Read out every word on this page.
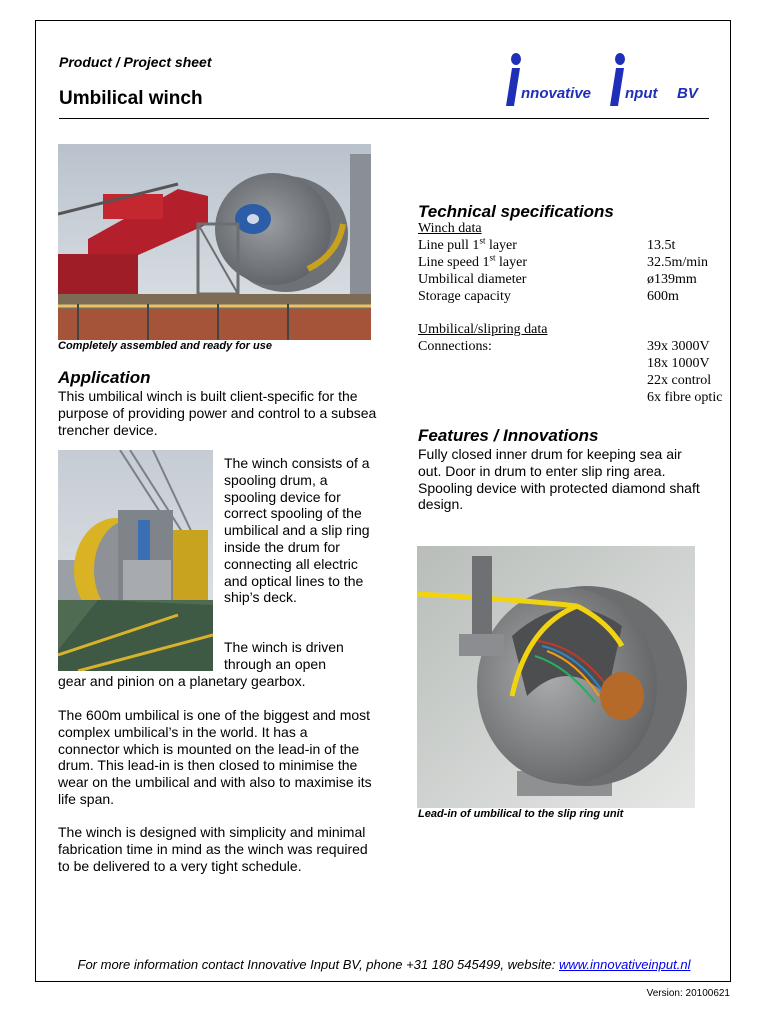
Product / Project sheet
Umbilical winch	nnovative nput BV
Completely assembled and ready for use
Application
This umbilical winch is built client-specific for the purpose of providing power and control to a subsea trencher device.
The winch consists of a spooling drum, a spooling device for correct spooling of the umbilical and a slip ring inside the drum for connecting all electric and optical lines to the ship’s deck.
The winch is driven
through an open
gear and pinion on a planetary gearbox.
The 600m umbilical is one of the biggest and most complex umbilical’s in the world. It has a connector which is mounted on the lead-in of the drum. This lead-in is then closed to minimise the wear on the umbilical and with also to maximise its life span.
The winch is designed with simplicity and minimal fabrication time in mind as the winch was required to be delivered to a very tight schedule.
Technical specifications
Winch data
Line pull 1st layer	13.5t
Line speed 1st layer	32.5m/min
Umbilical diameter	ø139mm
Storage capacity	600m
Umbilical/slipring data
Connections:	39x 3000V
18x 1000V
22x control
6x fibre optic
Features / Innovations
Fully closed inner drum for keeping sea air out. Door in drum to enter slip ring area. Spooling device with protected diamond shaft design.
Lead-in of umbilical to the slip ring unit
For more information contact Innovative Input BV, phone +31 180 545499, website: www.innovativeinput.nl
Version: 20100621
